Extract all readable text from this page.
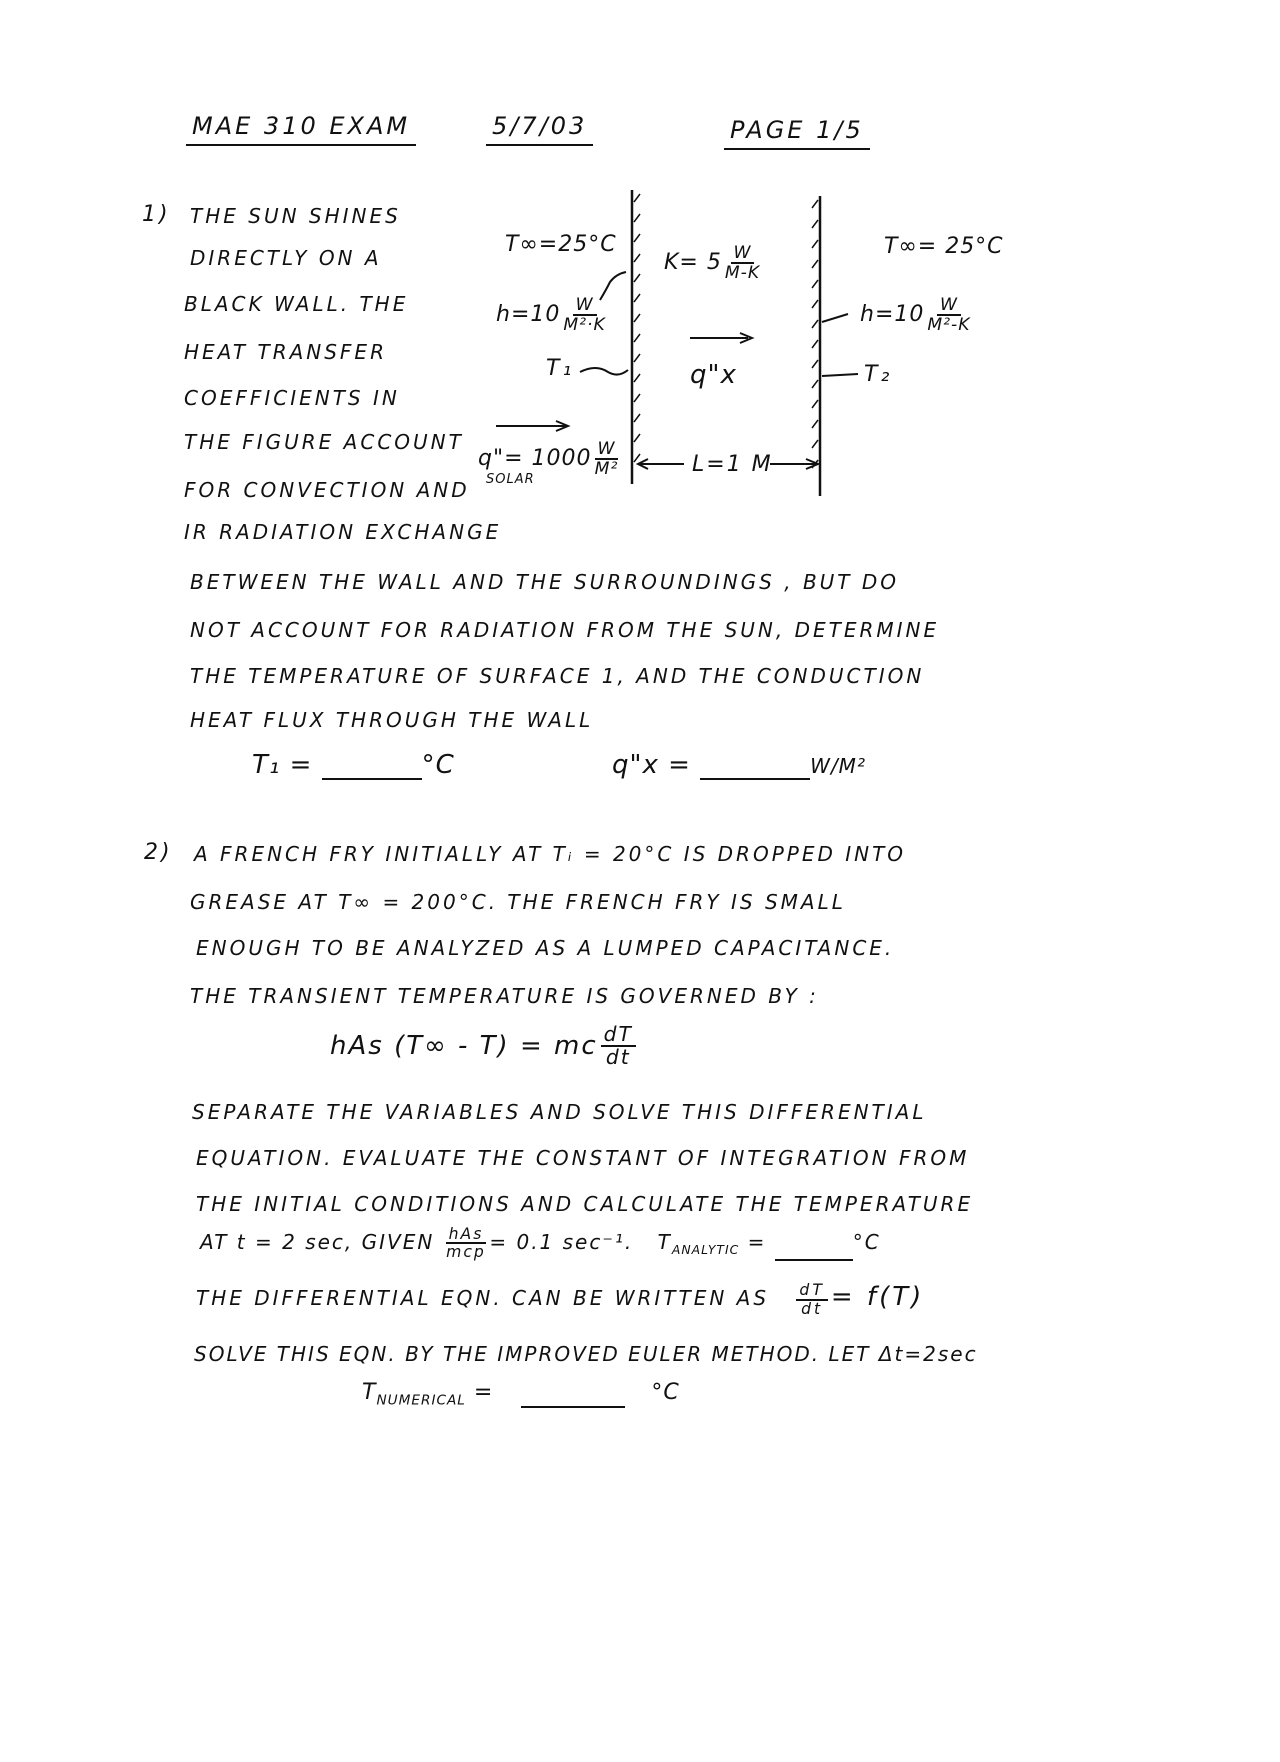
MAE 310 EXAM	5/7/03	PAGE 1/5
1) THE SUN SHINES
DIRECTLY ON A
BLACK WALL. THE
HEAT TRANSFER
COEFFICIENTS IN
THE FIGURE ACCOUNT
FOR CONVECTION AND
IR RADIATION EXCHANGE
T∞=25°C
$h=10 \frac{W}{\text{M²·K}}$
T₁
q"= $1000 \frac{W}{\text{M²}}$
SOLAR
$K= 5 \frac{W}{M-K}$
q"x
L=1 M
T∞= 25°C
$h=10 \frac{W}{\text{M²-K}}$
T₂
BETWEEN THE WALL AND THE SURROUNDINGS , BUT DO
NOT ACCOUNT FOR RADIATION FROM THE SUN, DETERMINE
THE TEMPERATURE OF SURFACE 1, AND THE CONDUCTION
HEAT FLUX THROUGH THE WALL
T₁ =	°C	q"x =	W/M²
2) A FRENCH FRY INITIALLY AT Tᵢ = 20°C IS DROPPED INTO
GREASE AT T∞ = 200°C. THE FRENCH FRY IS SMALL
ENOUGH TO BE ANALYZED AS A LUMPED CAPACITANCE.
THE TRANSIENT TEMPERATURE IS GOVERNED BY :
hAs (T∞ - T) = mc $\frac{dT}{dt}$
SEPARATE THE VARIABLES AND SOLVE THIS DIFFERENTIAL
EQUATION. EVALUATE THE CONSTANT OF INTEGRATION FROM
THE INITIAL CONDITIONS AND CALCULATE THE TEMPERATURE
AT t = 2 sec, GIVEN $\frac{\text{hAs}}{\text{mcp}} = 0.1$ sec⁻¹. $T_{ANALYTIC}$ =	°C
THE DIFFERENTIAL EQN. CAN BE WRITTEN AS $\frac{dT}{dt} = f(T)$
SOLVE THIS EQN. BY THE IMPROVED EULER METHOD. LET Δt=2sec
$T_{NUMERICAL}$ =	°C
